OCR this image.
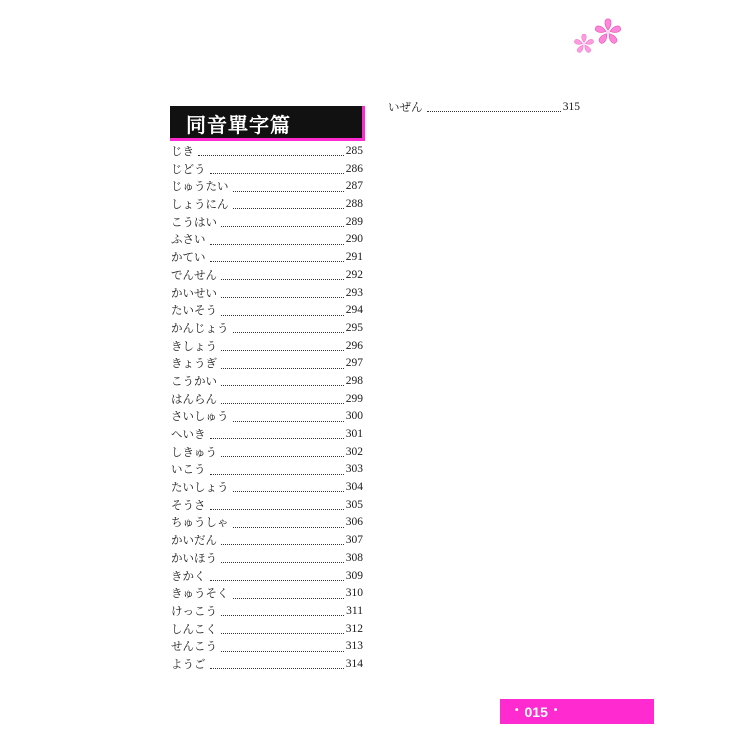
同音單字篇
じき	285
じどう	286
じゅうたい	287
しょうにん	288
こうはい	289
ふさい	290
かてい	291
でんせん	292
かいせい	293
たいそう	294
かんじょう	295
きしょう	296
きょうぎ	297
こうかい	298
はんらん	299
さいしゅう	300
へいき	301
しきゅう	302
いこう	303
たいしょう	304
そうさ	305
ちゅうしゃ	306
かいだん	307
かいほう	308
きかく	309
きゅうそく	310
けっこう	311
しんこく	312
せんこう	313
ようご	314
いぜん	315
• 015 •
